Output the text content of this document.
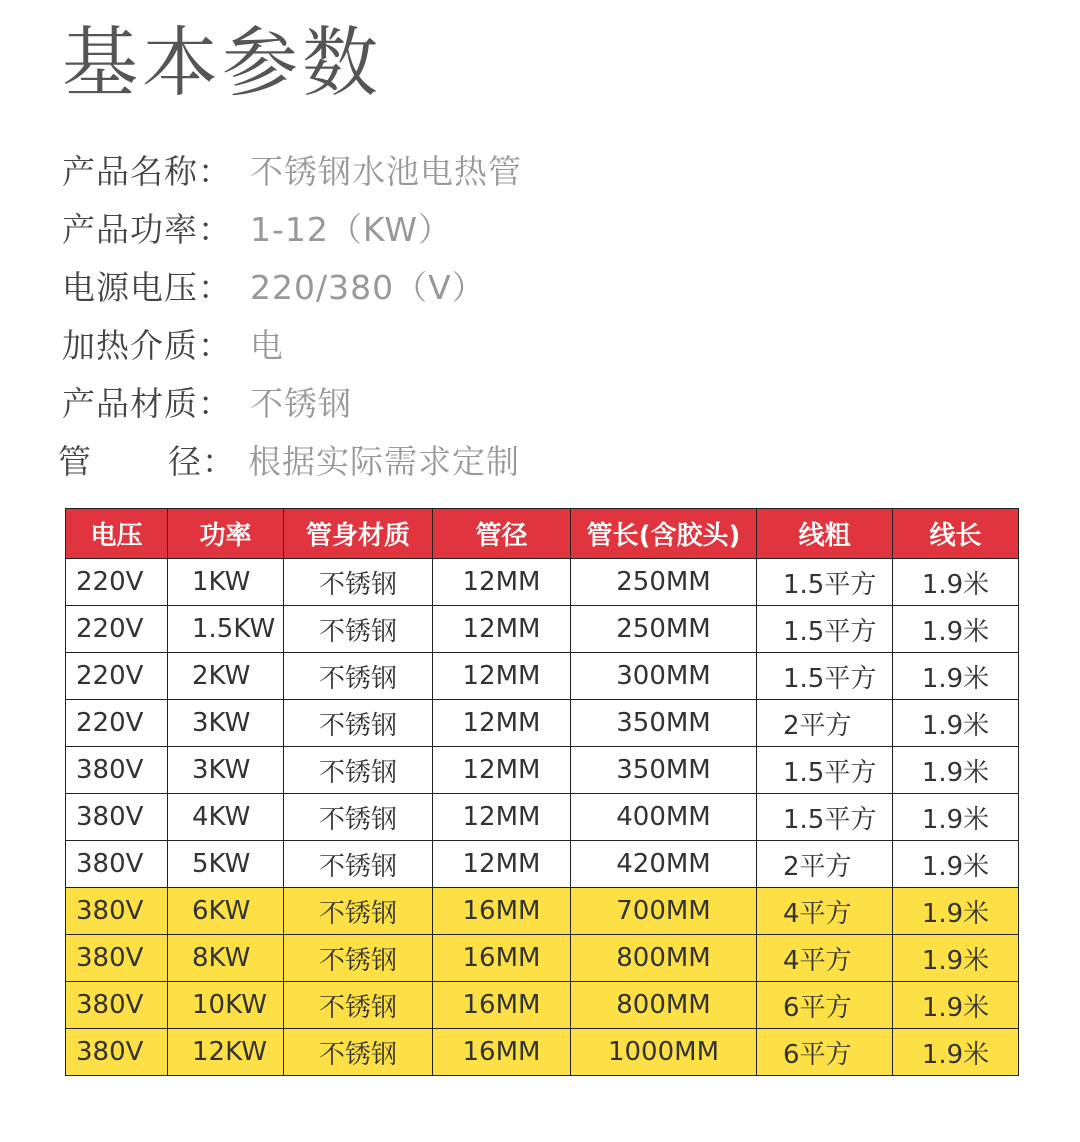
基本参数
产品名称： 不锈钢水池电热管
产品功率： 1-12（KW）
电源电压： 220/380（V）
加热介质： 电
产品材质： 不锈钢
管 径： 根据实际需求定制
电压	功率	管身材质	管径	管长(含胶头)	线粗	线长
220V	1KW	不锈钢	12MM	250MM	1.5平方	1.9米
220V	1.5KW	不锈钢	12MM	250MM	1.5平方	1.9米
220V	2KW	不锈钢	12MM	300MM	1.5平方	1.9米
220V	3KW	不锈钢	12MM	350MM	2平方	1.9米
380V	3KW	不锈钢	12MM	350MM	1.5平方	1.9米
380V	4KW	不锈钢	12MM	400MM	1.5平方	1.9米
380V	5KW	不锈钢	12MM	420MM	2平方	1.9米
380V	6KW	不锈钢	16MM	700MM	4平方	1.9米
380V	8KW	不锈钢	16MM	800MM	4平方	1.9米
380V	10KW	不锈钢	16MM	800MM	6平方	1.9米
380V	12KW	不锈钢	16MM	1000MM	6平方	1.9米
